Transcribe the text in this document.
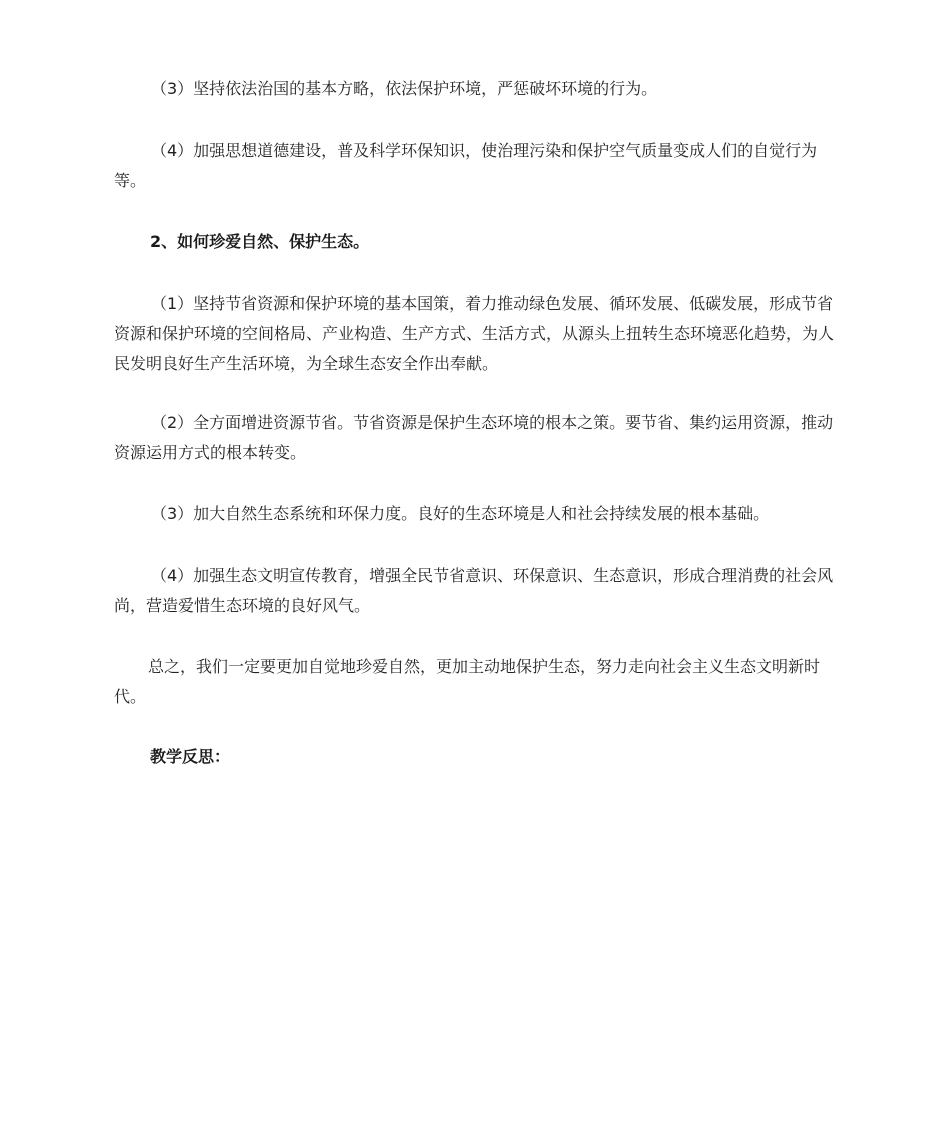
（3）坚持依法治国的基本方略，依法保护环境，严惩破坏环境的行为。

（4）加强思想道德建设，普及科学环保知识，使治理污染和保护空气质量变成人们的自觉行为等。

2、如何珍爱自然、保护生态。

（1）坚持节省资源和保护环境的基本国策，着力推动绿色发展、循环发展、低碳发展，形成节省资源和保护环境的空间格局、产业构造、生产方式、生活方式，从源头上扭转生态环境恶化趋势，为人民发明良好生产生活环境，为全球生态安全作出奉献。

（2）全方面增进资源节省。节省资源是保护生态环境的根本之策。要节省、集约运用资源，推动资源运用方式的根本转变。

（3）加大自然生态系统和环保力度。良好的生态环境是人和社会持续发展的根本基础。

（4）加强生态文明宣传教育，增强全民节省意识、环保意识、生态意识，形成合理消费的社会风尚，营造爱惜生态环境的良好风气。

总之，我们一定要更加自觉地珍爱自然，更加主动地保护生态，努力走向社会主义生态文明新时代。

教学反思：
